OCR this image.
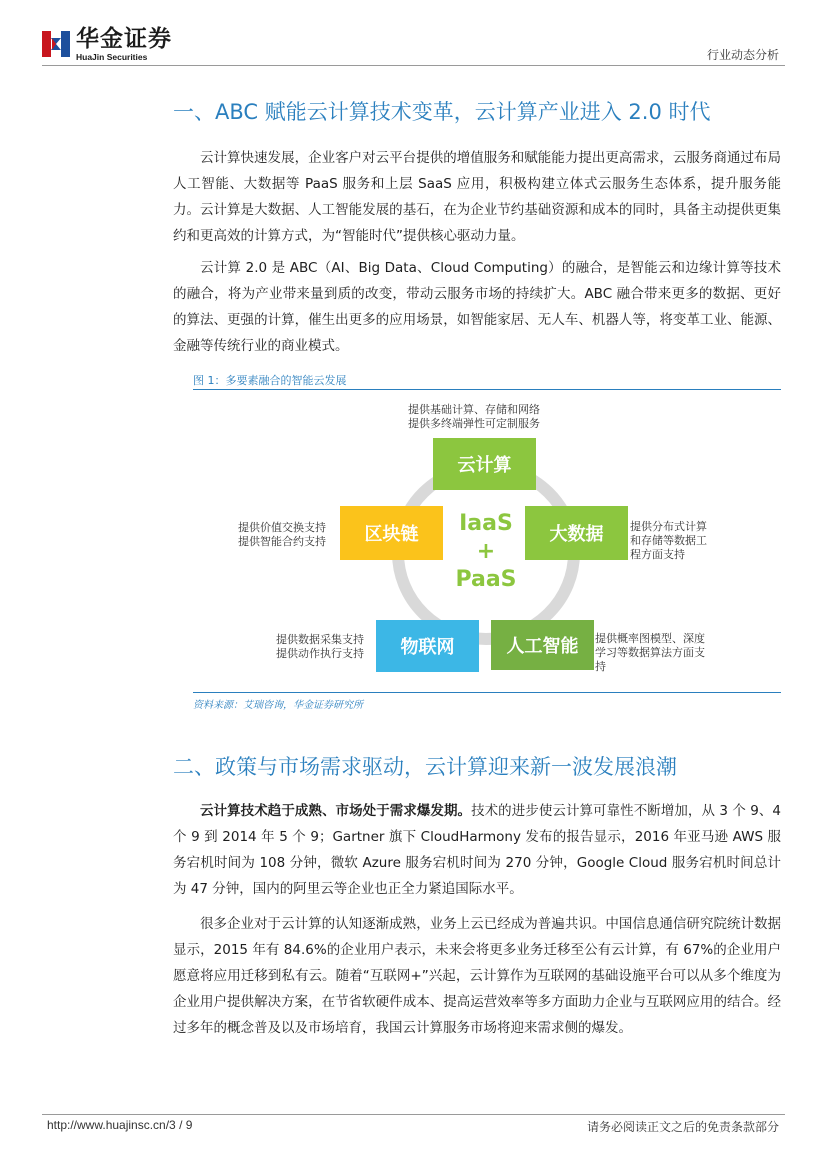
华金证券
HuaJin Securities	行业动态分析
一、ABC 赋能云计算技术变革，云计算产业进入 2.0 时代

云计算快速发展，企业客户对云平台提供的增值服务和赋能能力提出更高需求，云服务商通过布局人工智能、大数据等 PaaS 服务和上层 SaaS 应用，积极构建立体式云服务生态体系，提升服务能力。云计算是大数据、人工智能发展的基石，在为企业节约基础资源和成本的同时，具备主动提供更集约和更高效的计算方式，为“智能时代”提供核心驱动力量。

云计算 2.0 是 ABC（AI、Big Data、Cloud Computing）的融合，是智能云和边缘计算等技术的融合，将为产业带来量到质的改变，带动云服务市场的持续扩大。ABC 融合带来更多的数据、更好的算法、更强的计算，催生出更多的应用场景，如智能家居、无人车、机器人等，将变革工业、能源、金融等传统行业的商业模式。

图 1：多要素融合的智能云发展
云计算
大数据
人工智能
物联网
区块链	IaaS
+
PaaS
提供基础计算、存储和网络
提供多终端弹性可定制服务
提供分布式计算
和存储等数据工
程方面支持
提供概率图模型、深度
学习等数据算法方面支
持
提供数据采集支持
提供动作执行支持
提供价值交换支持
提供智能合约支持
资料来源：艾瑞咨询，华金证券研究所
二、政策与市场需求驱动，云计算迎来新一波发展浪潮

云计算技术趋于成熟、市场处于需求爆发期。技术的进步使云计算可靠性不断增加，从 3 个 9、4 个 9 到 2014 年 5 个 9；Gartner 旗下 CloudHarmony 发布的报告显示，2016 年亚马逊 AWS 服务宕机时间为 108 分钟，微软 Azure 服务宕机时间为 270 分钟，Google Cloud 服务宕机时间总计为 47 分钟，国内的阿里云等企业也正全力紧追国际水平。

很多企业对于云计算的认知逐渐成熟，业务上云已经成为普遍共识。中国信息通信研究院统计数据显示，2015 年有 84.6%的企业用户表示，未来会将更多业务迁移至公有云计算，有 67%的企业用户愿意将应用迁移到私有云。随着“互联网+”兴起，云计算作为互联网的基础设施平台可以从多个维度为企业用户提供解决方案，在节省软硬件成本、提高运营效率等多方面助力企业与互联网应用的结合。经过多年的概念普及以及市场培育，我国云计算服务市场将迎来需求侧的爆发。

http://www.huajinsc.cn/3 / 9	请务必阅读正文之后的免责条款部分
